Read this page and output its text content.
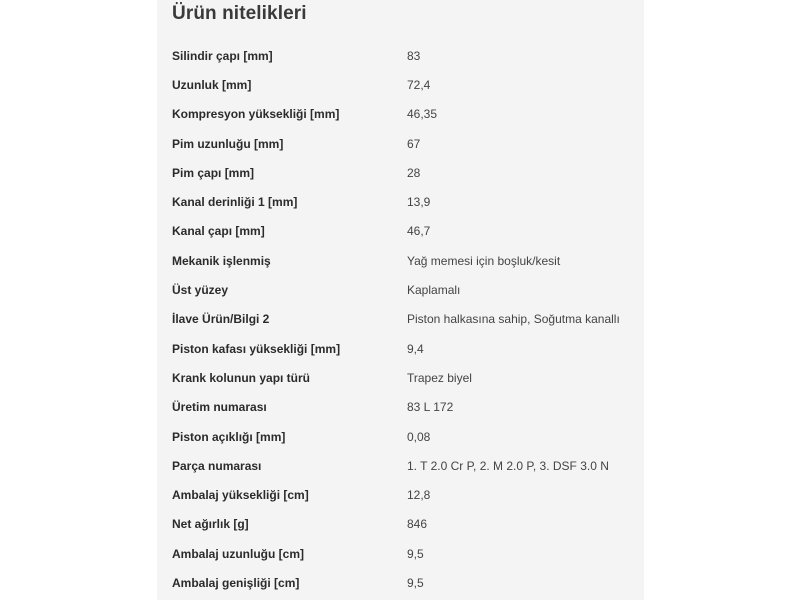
Ürün nitelikleri
Silindir çapı [mm]	83
Uzunluk [mm]	72,4
Kompresyon yüksekliği [mm]	46,35
Pim uzunluğu [mm]	67
Pim çapı [mm]	28
Kanal derinliği 1 [mm]	13,9
Kanal çapı [mm]	46,7
Mekanik işlenmiş	Yağ memesi için boşluk/kesit
Üst yüzey	Kaplamalı
İlave Ürün/Bilgi 2	Piston halkasına sahip, Soğutma kanallı
Piston kafası yüksekliği [mm]	9,4
Krank kolunun yapı türü	Trapez biyel
Üretim numarası	83 L 172
Piston açıklığı [mm]	0,08
Parça numarası	1. T 2.0 Cr P, 2. M 2.0 P, 3. DSF 3.0 N
Ambalaj yüksekliği [cm]	12,8
Net ağırlık [g]	846
Ambalaj uzunluğu [cm]	9,5
Ambalaj genişliği [cm]	9,5
